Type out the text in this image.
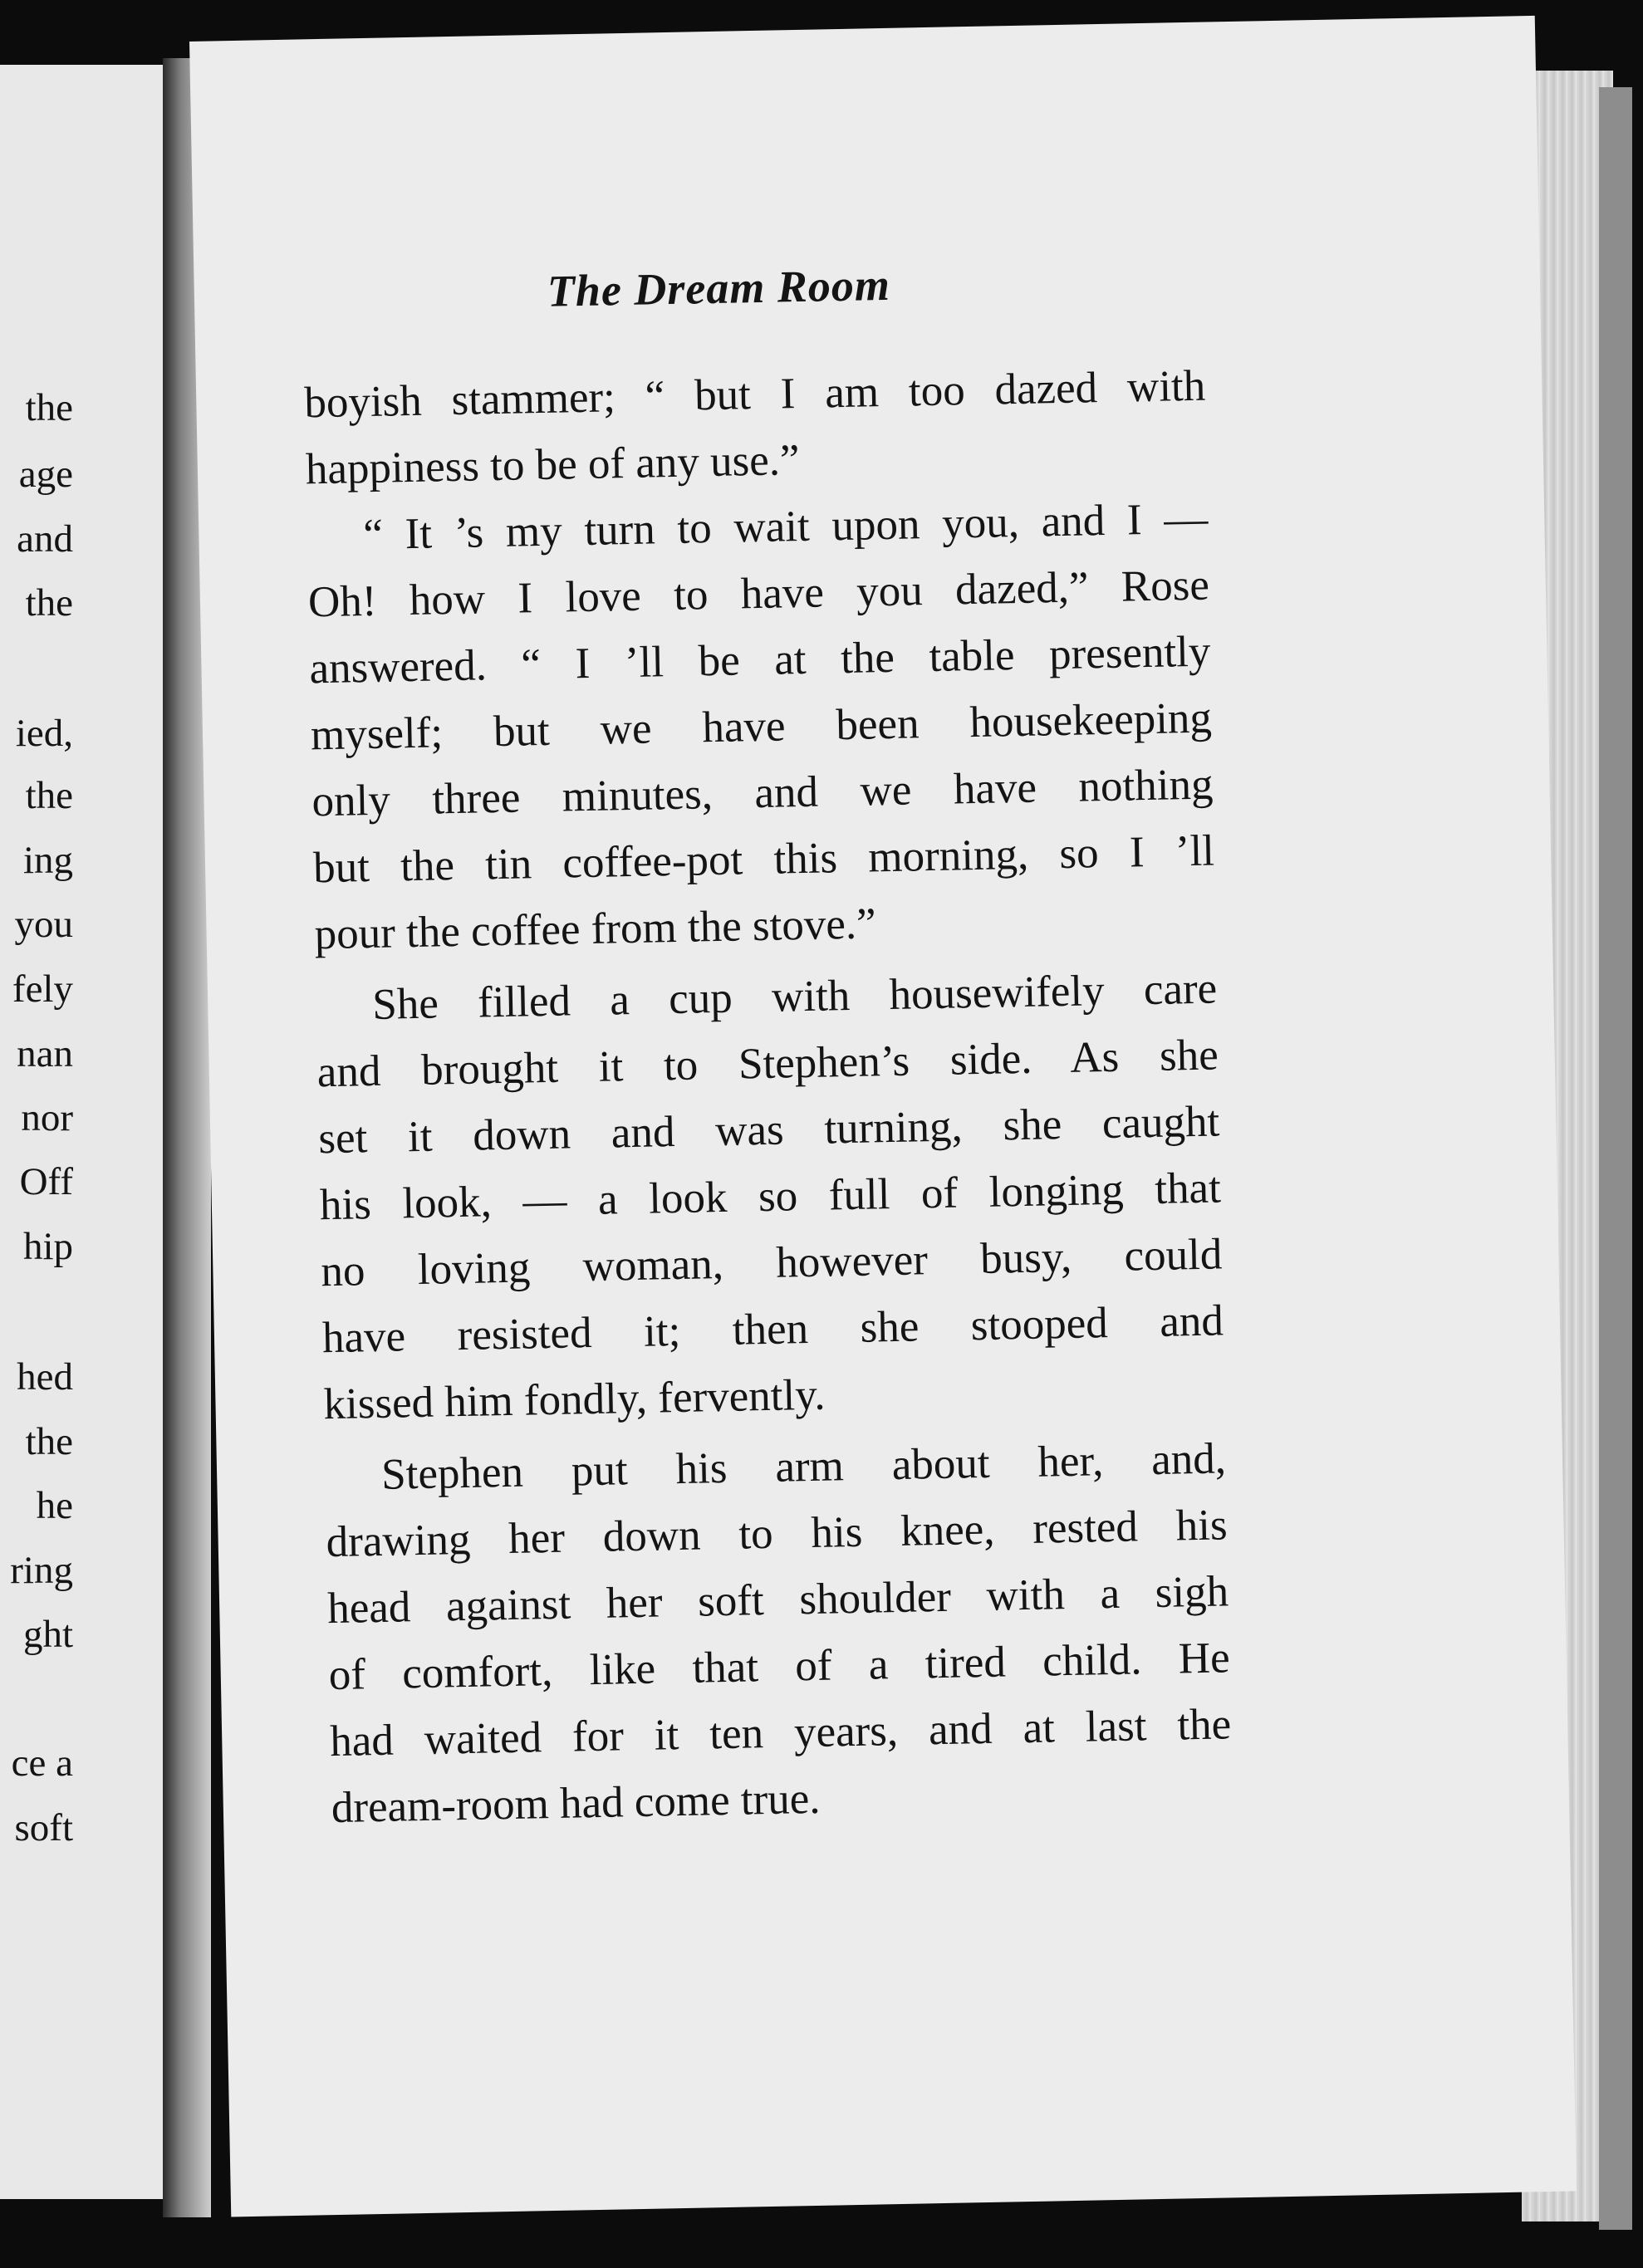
the
age
and
the
ied,
the
ing
you
fely
nan
nor
Off
hip
hed
the
he
ring
ght
ce a
soft
The Dream Room
boyish stammer; “ but I am too dazed with
happiness to be of any use.”
“ It ’s my turn to wait upon you, and I —
Oh! how I love to have you dazed,” Rose
answered. “ I ’ll be at the table presently
myself; but we have been housekeeping
only three minutes, and we have nothing
but the tin coffee-pot this morning, so I ’ll
pour the coffee from the stove.”
She filled a cup with housewifely care
and brought it to Stephen’s side. As she
set it down and was turning, she caught
his look, — a look so full of longing that
no loving woman, however busy, could
have resisted it; then she stooped and
kissed him fondly, fervently.
Stephen put his arm about her, and,
drawing her down to his knee, rested his
head against her soft shoulder with a sigh
of comfort, like that of a tired child. He
had waited for it ten years, and at last the
dream-room had come true.
